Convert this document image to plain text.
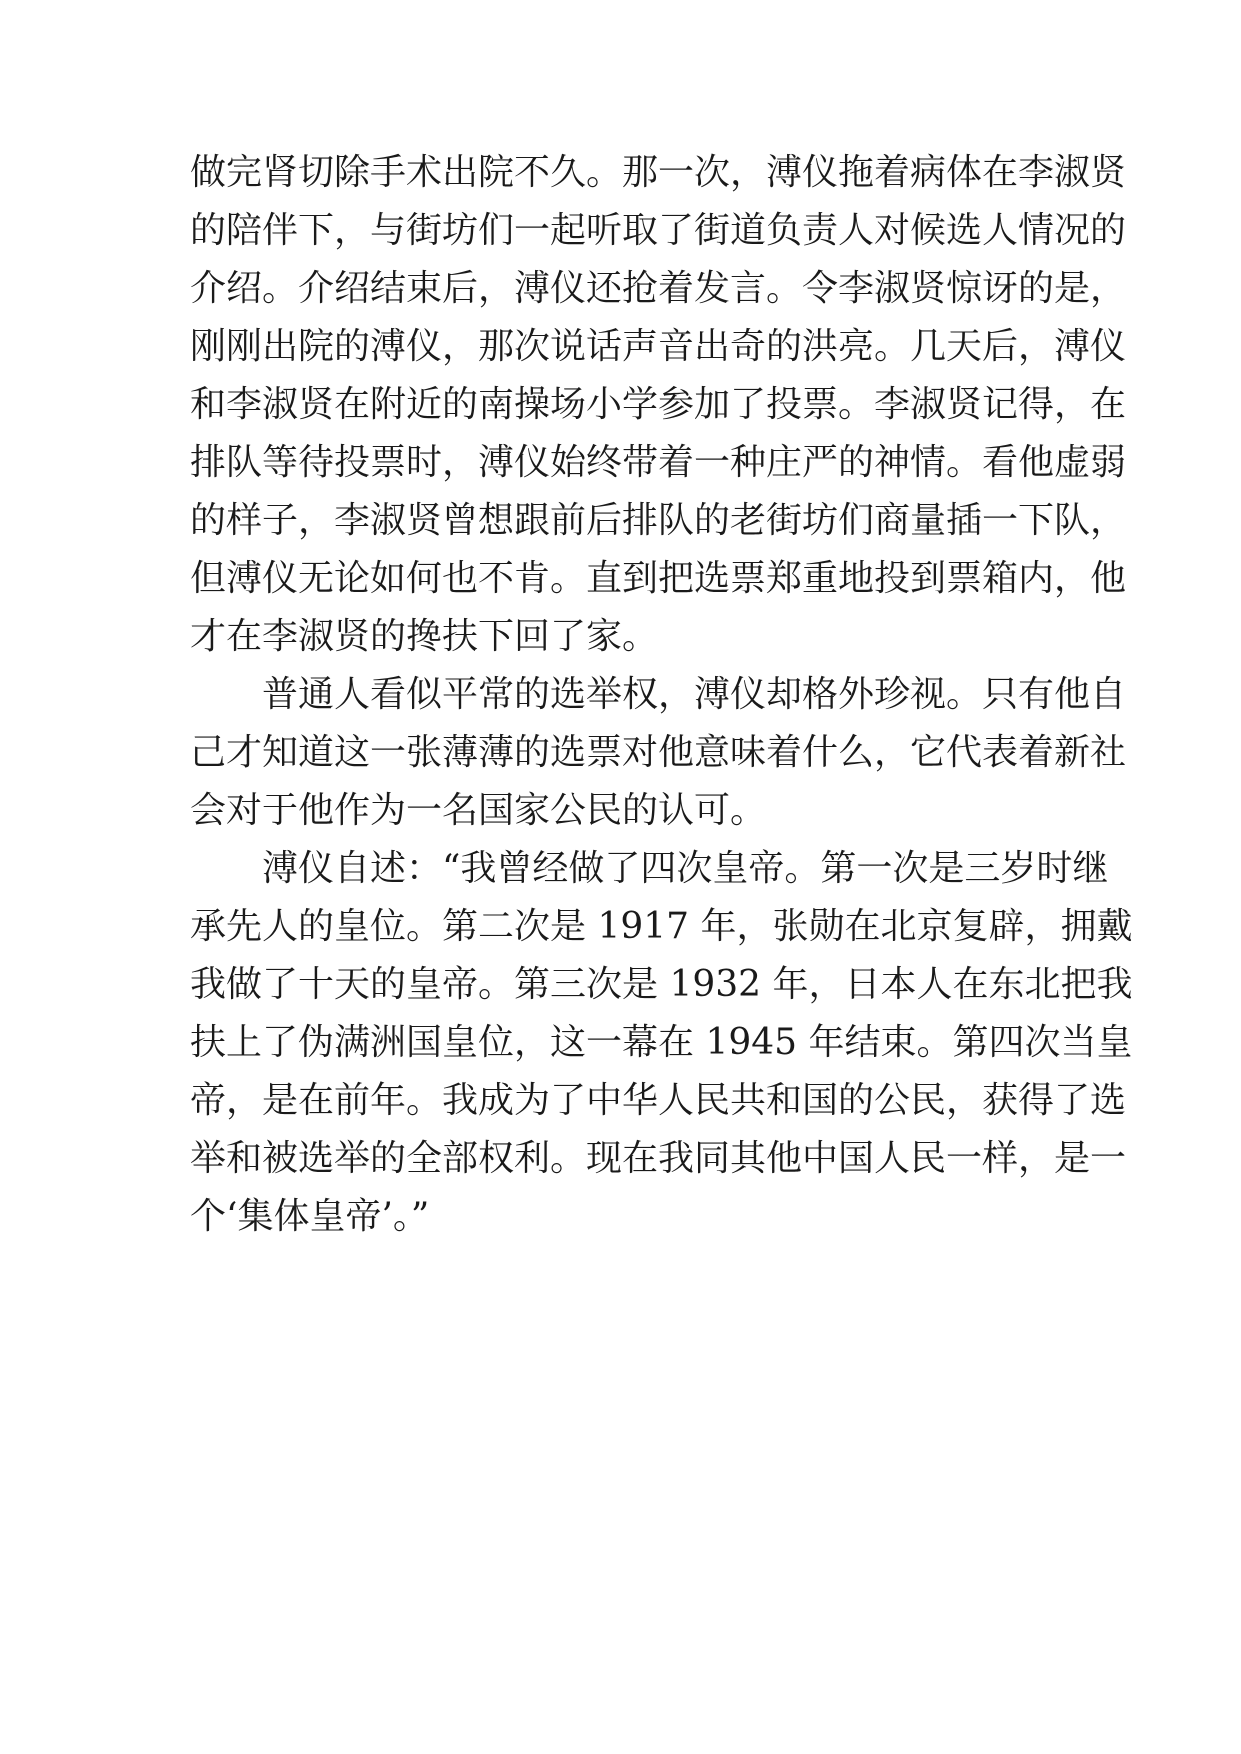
做完肾切除手术出院不久。那一次，溥仪拖着病体在李淑贤
的陪伴下，与街坊们一起听取了街道负责人对候选人情况的
介绍。介绍结束后，溥仪还抢着发言。令李淑贤惊讶的是，
刚刚出院的溥仪，那次说话声音出奇的洪亮。几天后，溥仪
和李淑贤在附近的南操场小学参加了投票。李淑贤记得，在
排队等待投票时，溥仪始终带着一种庄严的神情。看他虚弱
的样子，李淑贤曾想跟前后排队的老街坊们商量插一下队，
但溥仪无论如何也不肯。直到把选票郑重地投到票箱内，他
才在李淑贤的搀扶下回了家。
普通人看似平常的选举权，溥仪却格外珍视。只有他自
己才知道这一张薄薄的选票对他意味着什么，它代表着新社
会对于他作为一名国家公民的认可。
溥仪自述：“我曾经做了四次皇帝。第一次是三岁时继
承先人的皇位。第二次是 1917 年，张勋在北京复辟，拥戴
我做了十天的皇帝。第三次是 1932 年，日本人在东北把我
扶上了伪满洲国皇位，这一幕在 1945 年结束。第四次当皇
帝，是在前年。我成为了中华人民共和国的公民，获得了选
举和被选举的全部权利。现在我同其他中国人民一样，是一
个‘集体皇帝’。”
